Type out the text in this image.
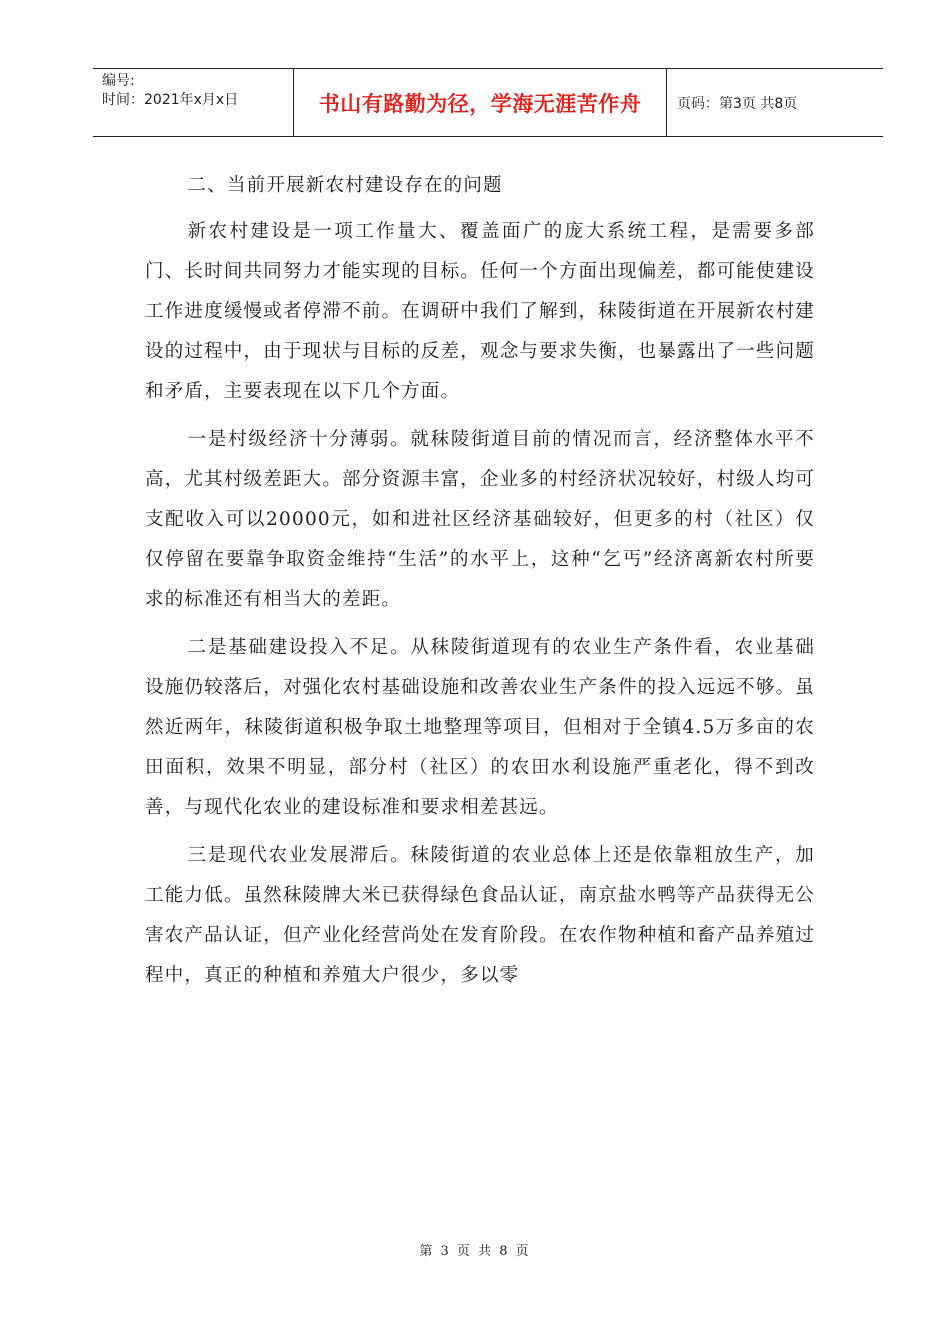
编号:
时间：2021年x月x日	书山有路勤为径，学海无涯苦作舟	页码：第3页 共8页

二、当前开展新农村建设存在的问题

新农村建设是一项工作量大、覆盖面广的庞大系统工程，是需要多部门、长时间共同努力才能实现的目标。任何一个方面出现偏差，都可能使建设工作进度缓慢或者停滞不前。在调研中我们了解到，秣陵街道在开展新农村建设的过程中，由于现状与目标的反差，观念与要求失衡，也暴露出了一些问题和矛盾，主要表现在以下几个方面。

一是村级经济十分薄弱。就秣陵街道目前的情况而言，经济整体水平不高，尤其村级差距大。部分资源丰富，企业多的村经济状况较好，村级人均可支配收入可以20000元，如和进社区经济基础较好，但更多的村（社区）仅仅停留在要靠争取资金维持“生活”的水平上，这种“乞丐”经济离新农村所要求的标准还有相当大的差距。

二是基础建设投入不足。从秣陵街道现有的农业生产条件看，农业基础设施仍较落后，对强化农村基础设施和改善农业生产条件的投入远远不够。虽然近两年，秣陵街道积极争取土地整理等项目，但相对于全镇4.5万多亩的农田面积，效果不明显，部分村（社区）的农田水利设施严重老化，得不到改善，与现代化农业的建设标准和要求相差甚远。

三是现代农业发展滞后。秣陵街道的农业总体上还是依靠粗放生产，加工能力低。虽然秣陵牌大米已获得绿色食品认证，南京盐水鸭等产品获得无公害农产品认证，但产业化经营尚处在发育阶段。在农作物种植和畜产品养殖过程中，真正的种植和养殖大户很少，多以零

第 3 页 共 8 页
